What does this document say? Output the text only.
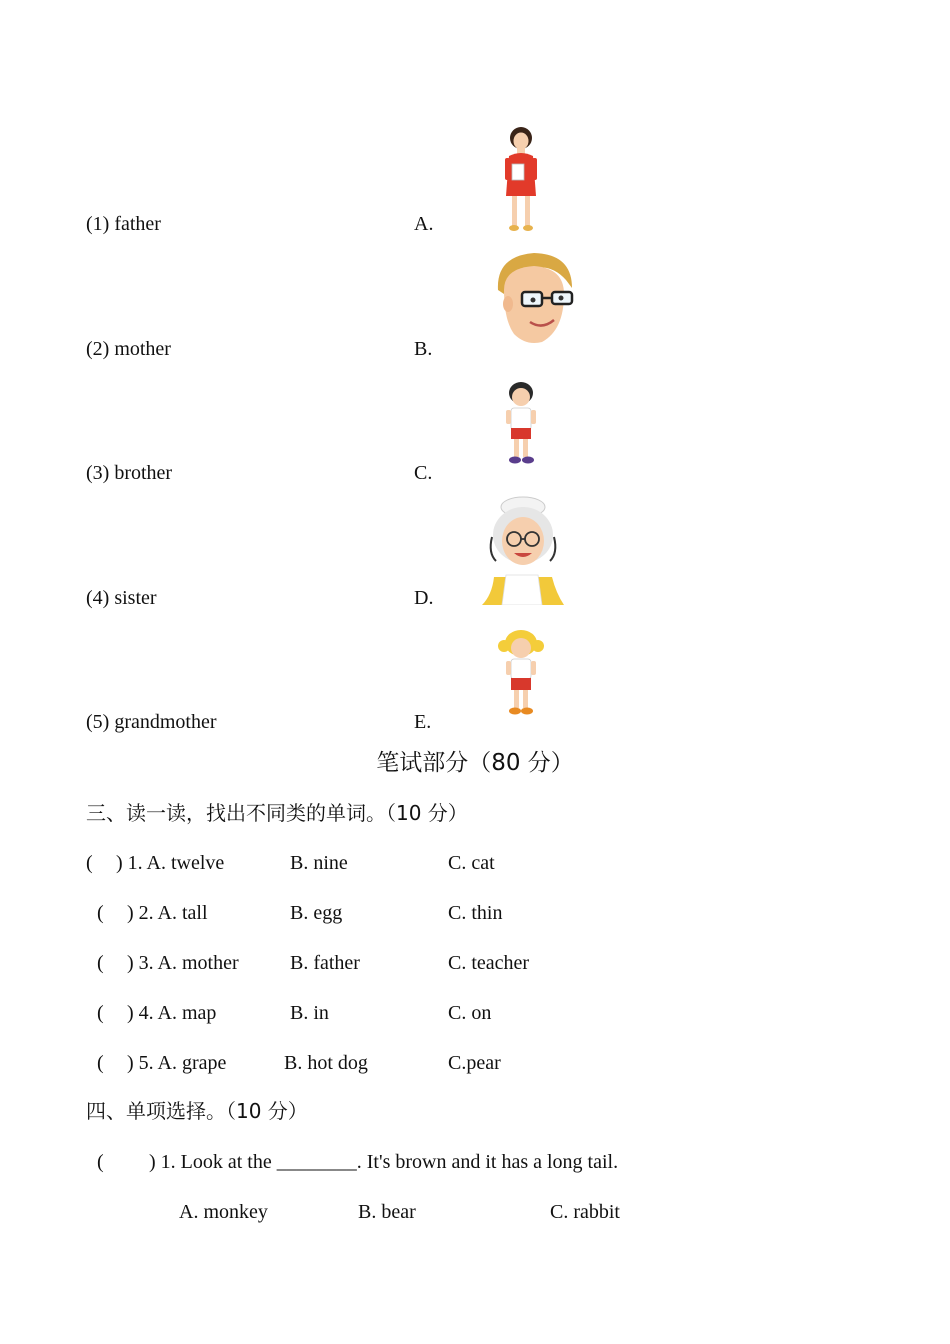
(1) father	A.
(2) mother	B.
(3) brother	C.
(4) sister	D.
(5) grandmother	E.
笔试部分（80 分）
三、读一读，找出不同类的单词。（10 分）
( ) 1. A. twelve	B. nine	C. cat
( ) 2. A. tall	B. egg	C. thin
( ) 3. A. mother	B. father	C. teacher
( ) 4. A. map	B. in	C. on
( ) 5. A. grape	B. hot dog	C.pear
四、单项选择。（10 分）
( ) 1. Look at the ________. It's brown and it has a long tail.
A. monkey	B. bear	C. rabbit
